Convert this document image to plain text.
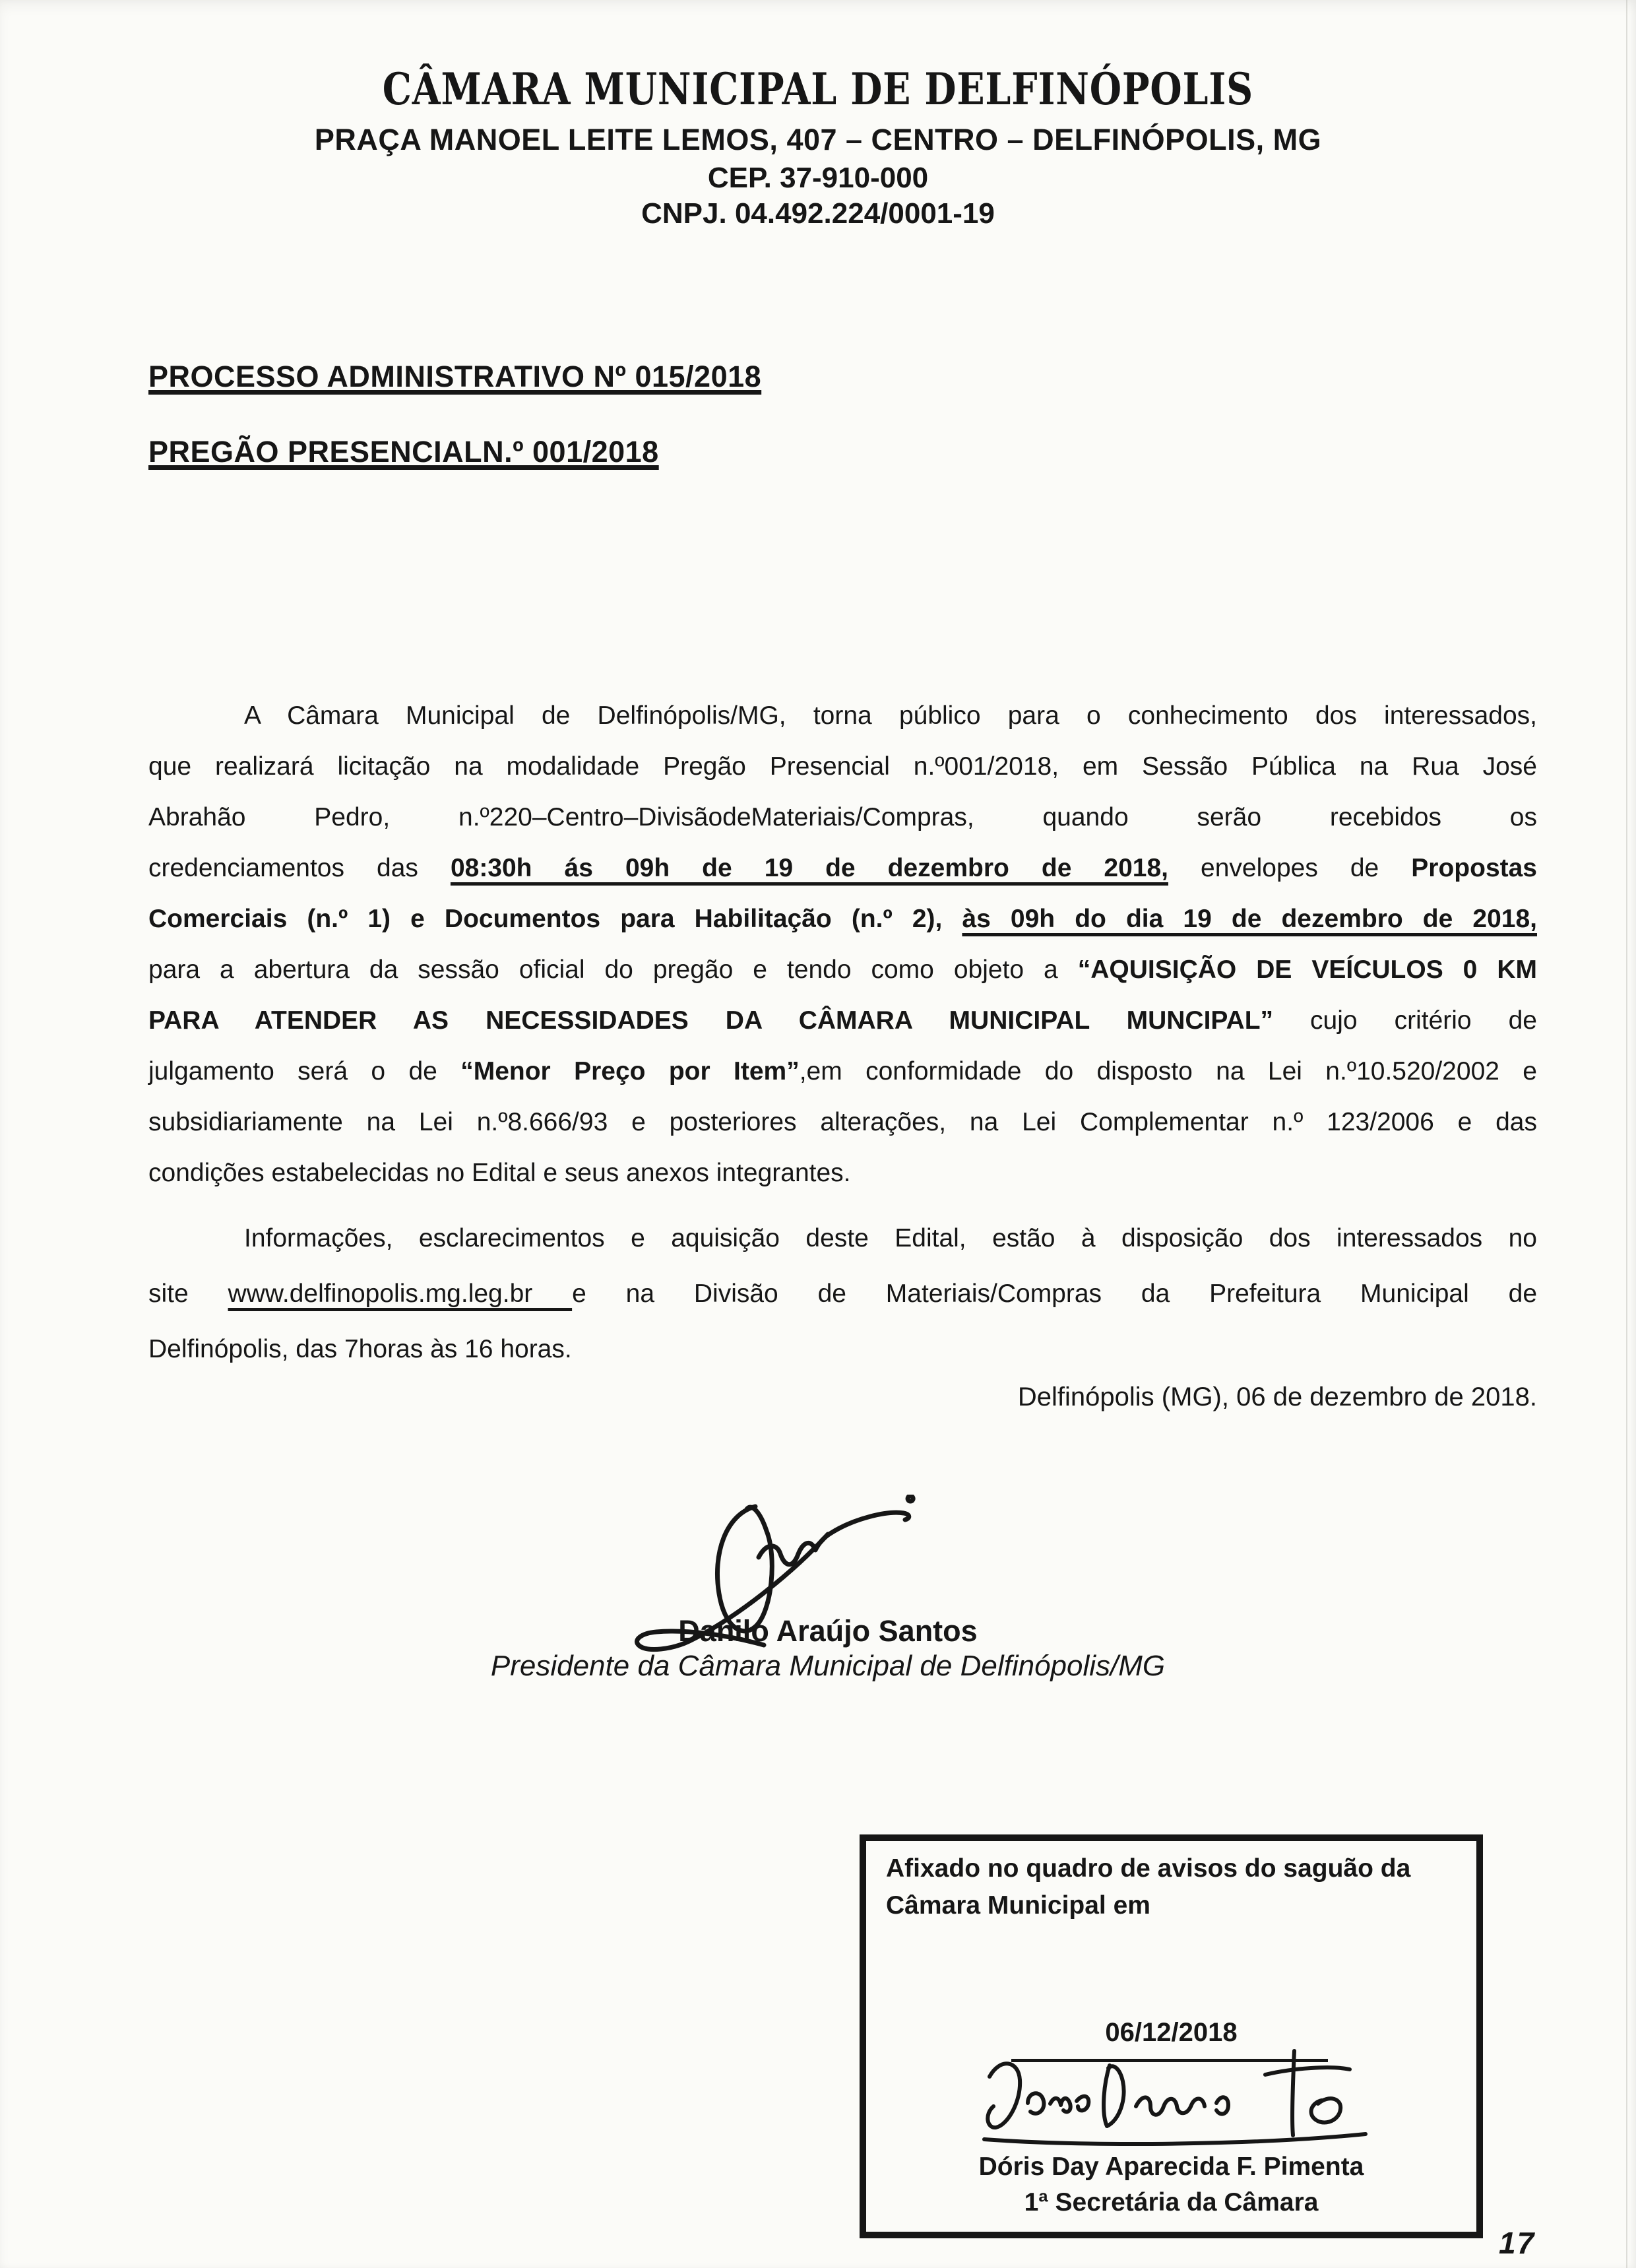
CÂMARA MUNICIPAL DE DELFINÓPOLIS
PRAÇA MANOEL LEITE LEMOS, 407 – CENTRO – DELFINÓPOLIS, MG
CEP. 37-910-000
CNPJ. 04.492.224/0001-19
PROCESSO ADMINISTRATIVO Nº 015/2018
PREGÃO PRESENCIALN.º 001/2018
A Câmara Municipal de Delfinópolis/MG, torna público para o conhecimento dos interessados,
que realizará licitação na modalidade Pregão Presencial n.º001/2018, em Sessão Pública na Rua José
Abrahão Pedro, n.º220–Centro–DivisãodeMateriais/Compras, quando serão recebidos os
credenciamentos das 08:30h ás 09h de 19 de dezembro de 2018, envelopes de Propostas
Comerciais (n.º 1) e Documentos para Habilitação (n.º 2), às 09h do dia 19 de dezembro de 2018,
para a abertura da sessão oficial do pregão e tendo como objeto a “AQUISIÇÃO DE VEÍCULOS 0 KM
PARA ATENDER AS NECESSIDADES DA CÂMARA MUNICIPAL MUNCIPAL” cujo critério de
julgamento será o de “Menor Preço por Item”,em conformidade do disposto na Lei n.º10.520/2002 e
subsidiariamente na Lei n.º8.666/93 e posteriores alterações, na Lei Complementar n.º 123/2006 e das
condições estabelecidas no Edital e seus anexos integrantes.
Informações, esclarecimentos e aquisição deste Edital, estão à disposição dos interessados no
site www.delfinopolis.mg.leg.br e na Divisão de Materiais/Compras da Prefeitura Municipal de
Delfinópolis, das 7horas às 16 horas.
Delfinópolis (MG), 06 de dezembro de 2018.
Danilo Araújo Santos
Presidente da Câmara Municipal de Delfinópolis/MG
Afixado no quadro de avisos do saguão da
Câmara Municipal em
06/12/2018
Dóris Day Aparecida F. Pimenta
1ª Secretária da Câmara
17
